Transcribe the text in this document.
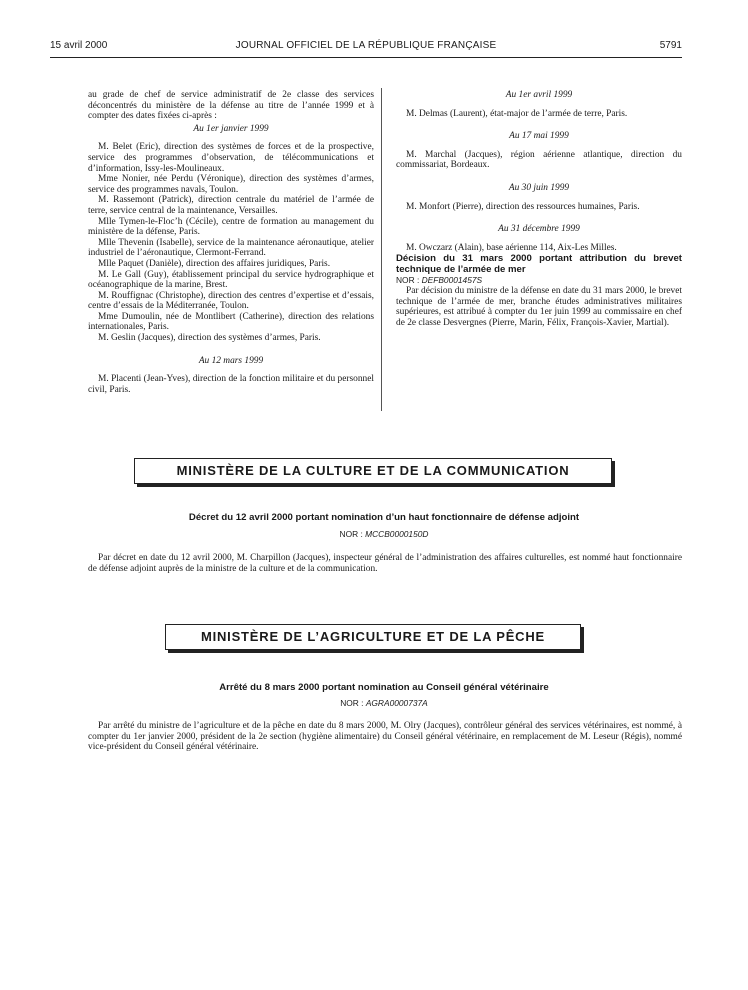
15 avril 2000	JOURNAL OFFICIEL DE LA RÉPUBLIQUE FRANÇAISE	5791

au grade de chef de service administratif de 2e classe des services déconcentrés du ministère de la défense au titre de l’année 1999 et à compter des dates fixées ci-après :

Au 1er janvier 1999

M. Belet (Eric), direction des systèmes de forces et de la prospective, service des programmes d’observation, de télécommunications et d’information, Issy-les-Moulineaux.

Mme Nonier, née Perdu (Véronique), direction des systèmes d’armes, service des programmes navals, Toulon.

M. Rassemont (Patrick), direction centrale du matériel de l’armée de terre, service central de la maintenance, Versailles.

Mlle Tymen-le-Floc’h (Cécile), centre de formation au management du ministère de la défense, Paris.

Mlle Thevenin (Isabelle), service de la maintenance aéronautique, atelier industriel de l’aéronautique, Clermont-Ferrand.

Mlle Paquet (Danièle), direction des affaires juridiques, Paris.

M. Le Gall (Guy), établissement principal du service hydrographique et océanographique de la marine, Brest.

M. Rouffignac (Christophe), direction des centres d’expertise et d’essais, centre d’essais de la Méditerranée, Toulon.

Mme Dumoulin, née de Montlibert (Catherine), direction des relations internationales, Paris.

M. Geslin (Jacques), direction des systèmes d’armes, Paris.

Au 12 mars 1999

M. Placenti (Jean-Yves), direction de la fonction militaire et du personnel civil, Paris.

Au 1er avril 1999

M. Delmas (Laurent), état-major de l’armée de terre, Paris.

Au 17 mai 1999

M. Marchal (Jacques), région aérienne atlantique, direction du commissariat, Bordeaux.

Au 30 juin 1999

M. Monfort (Pierre), direction des ressources humaines, Paris.

Au 31 décembre 1999

M. Owczarz (Alain), base aérienne 114, Aix-Les Milles.

Décision du 31 mars 2000 portant attribution du brevet technique de l’armée de mer

NOR : DEFB0001457S

Par décision du ministre de la défense en date du 31 mars 2000, le brevet technique de l’armée de mer, branche études administratives militaires supérieures, est attribué à compter du 1er juin 1999 au commissaire en chef de 2e classe Desvergnes (Pierre, Marin, Félix, François-Xavier, Martial).

MINISTÈRE DE LA CULTURE ET DE LA COMMUNICATION
Décret du 12 avril 2000 portant nomination d’un haut fonctionnaire de défense adjoint
NOR : MCCB0000150D

Par décret en date du 12 avril 2000, M. Charpillon (Jacques), inspecteur général de l’administration des affaires culturelles, est nommé haut fonctionnaire de défense adjoint auprès de la ministre de la culture et de la communication.

MINISTÈRE DE L’AGRICULTURE ET DE LA PÊCHE
Arrêté du 8 mars 2000 portant nomination au Conseil général vétérinaire
NOR : AGRA0000737A

Par arrêté du ministre de l’agriculture et de la pêche en date du 8 mars 2000, M. Olry (Jacques), contrôleur général des services vétérinaires, est nommé, à compter du 1er janvier 2000, président de la 2e section (hygiène alimentaire) du Conseil général vétérinaire, en remplacement de M. Leseur (Régis), nommé vice-président du Conseil général vétérinaire.
